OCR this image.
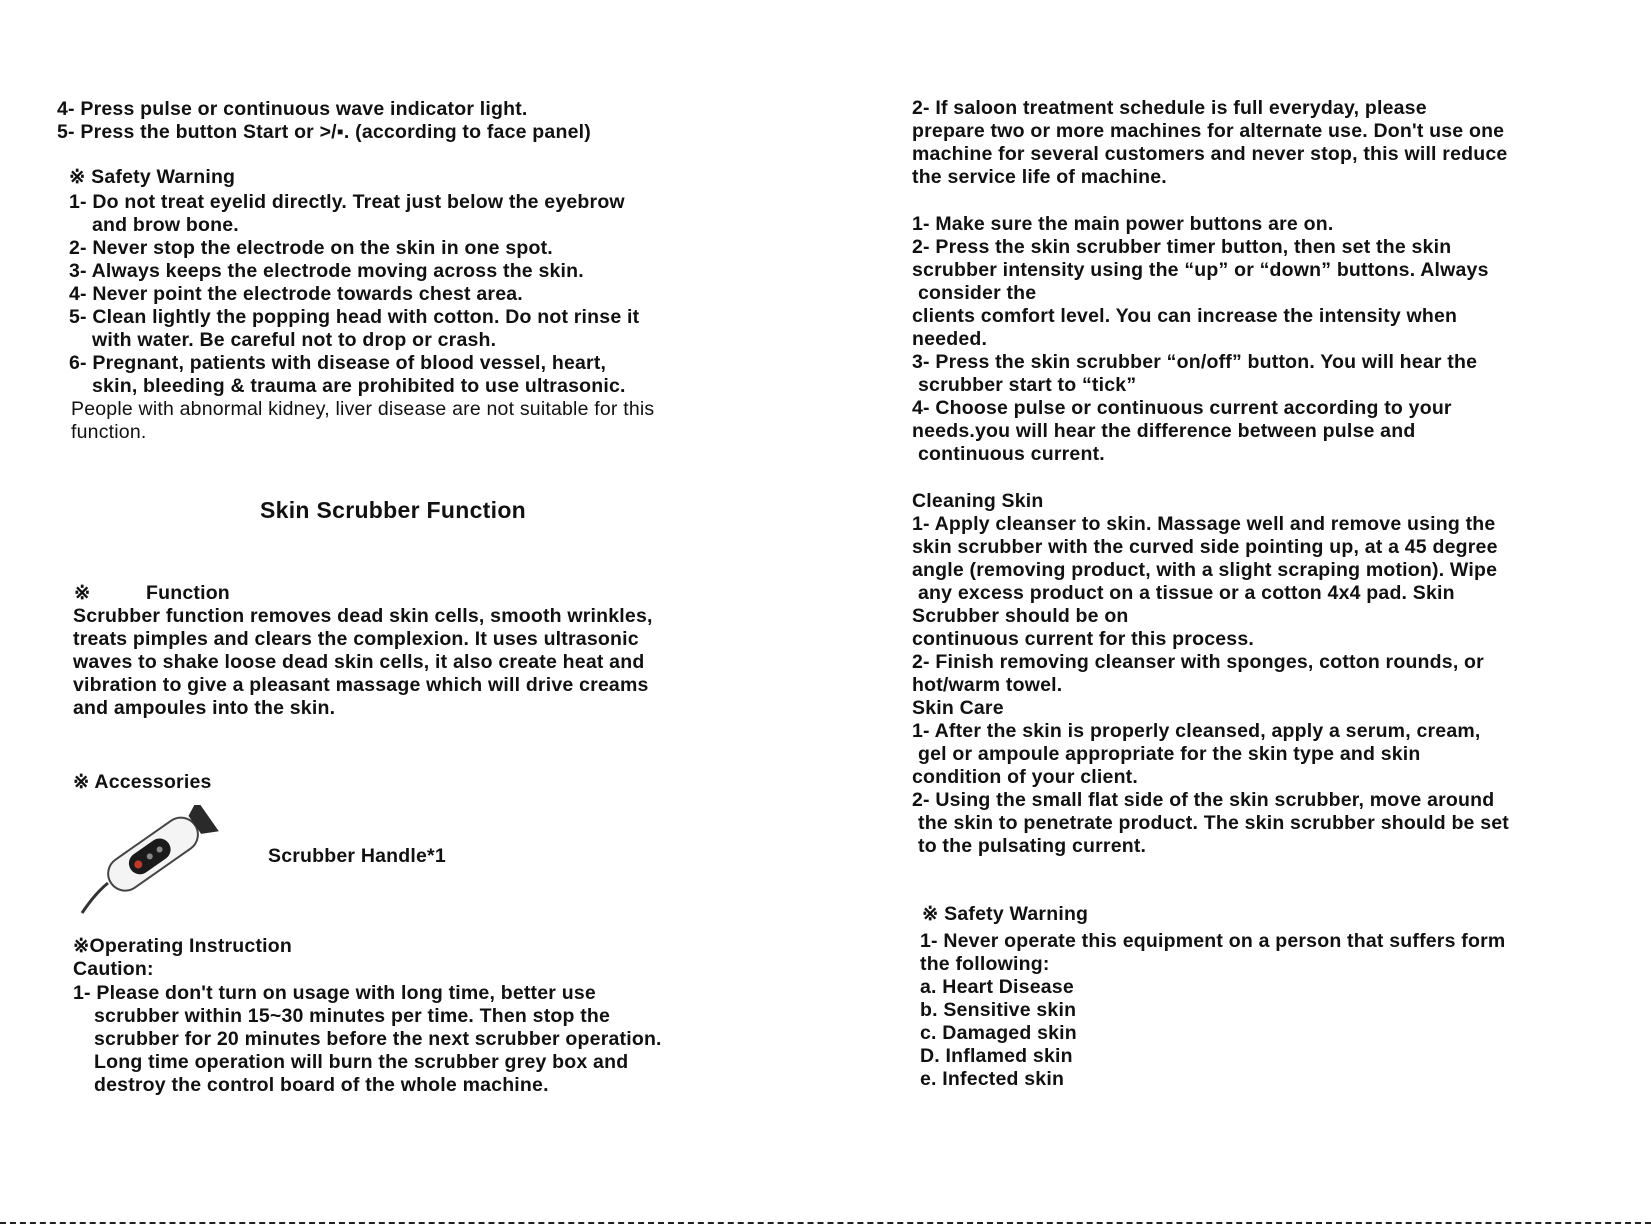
4- Press pulse or continuous wave indicator light.
5- Press the button Start or >/▪. (according to face panel)
※ Safety Warning
1- Do not treat eyelid directly. Treat just below the eyebrow
and brow bone.
2- Never stop the electrode on the skin in one spot.
3- Always keeps the electrode moving across the skin.
4- Never point the electrode towards chest area.
5- Clean lightly the popping head with cotton. Do not rinse it
with water. Be careful not to drop or crash.
6- Pregnant, patients with disease of blood vessel, heart,
skin, bleeding & trauma are prohibited to use ultrasonic.
People with abnormal kidney, liver disease are not suitable for this
function.
Skin Scrubber Function
※	Function
Scrubber function removes dead skin cells, smooth wrinkles,
treats pimples and clears the complexion. It uses ultrasonic
waves to shake loose dead skin cells, it also create heat and
vibration to give a pleasant massage which will drive creams
and ampoules into the skin.
※ Accessories
Scrubber Handle*1
※Operating Instruction
Caution:
1- Please don't turn on usage with long time, better use
scrubber within 15~30 minutes per time. Then stop the
scrubber for 20 minutes before the next scrubber operation.
Long time operation will burn the scrubber grey box and
destroy the control board of the whole machine.
2- If saloon treatment schedule is full everyday, please
prepare two or more machines for alternate use. Don't use one
machine for several customers and never stop, this will reduce
the service life of machine.
1- Make sure the main power buttons are on.
2- Press the skin scrubber timer button, then set the skin
scrubber intensity using the “up” or “down” buttons. Always
consider the
clients comfort level. You can increase the intensity when
needed.
3- Press the skin scrubber “on/off” button. You will hear the
scrubber start to “tick”
4- Choose pulse or continuous current according to your
needs.you will hear the difference between pulse and
continuous current.
Cleaning Skin
1- Apply cleanser to skin. Massage well and remove using the
skin scrubber with the curved side pointing up, at a 45 degree
angle (removing product, with a slight scraping motion). Wipe
any excess product on a tissue or a cotton 4x4 pad. Skin
Scrubber should be on
continuous current for this process.
2- Finish removing cleanser with sponges, cotton rounds, or
hot/warm towel.
Skin Care
1- After the skin is properly cleansed, apply a serum, cream,
gel or ampoule appropriate for the skin type and skin
condition of your client.
2- Using the small flat side of the skin scrubber, move around
the skin to penetrate product. The skin scrubber should be set
to the pulsating current.
※ Safety Warning
1- Never operate this equipment on a person that suffers form
the following:
a. Heart Disease
b. Sensitive skin
c. Damaged skin
D. Inflamed skin
e. Infected skin
